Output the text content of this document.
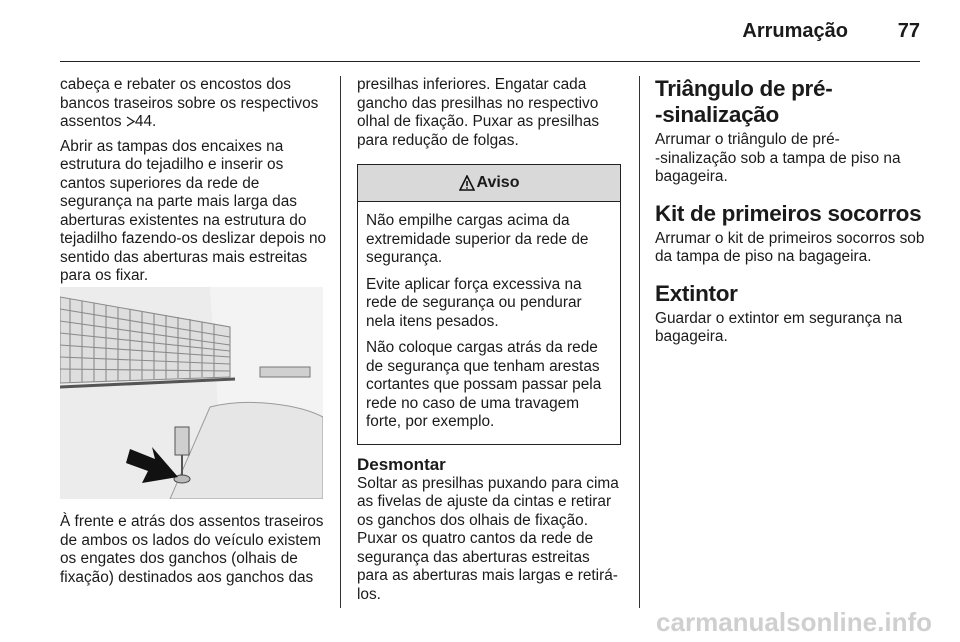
Arrumação 77

cabeça e rebater os encostos dos bancos traseiros sobre os respectivos assentos 44.

Abrir as tampas dos encaixes na estrutura do tejadilho e inserir os cantos superiores da rede de segurança na parte mais larga das aberturas existentes na estrutura do tejadilho fazendo-os deslizar depois no sentido das aberturas mais estreitas para os fixar.

À frente e atrás dos assentos traseiros de ambos os lados do veículo existem os engates dos ganchos (olhais de fixação) destinados aos ganchos das

presilhas inferiores. Engatar cada gancho das presilhas no respectivo olhal de fixação. Puxar as presilhas para redução de folgas.

Aviso

Não empilhe cargas acima da extremidade superior da rede de segurança.

Evite aplicar força excessiva na rede de segurança ou pendurar nela itens pesados.

Não coloque cargas atrás da rede de segurança que tenham arestas cortantes que possam passar pela rede no caso de uma travagem forte, por exemplo.

Desmontar

Soltar as presilhas puxando para cima as fivelas de ajuste da cintas e retirar os ganchos dos olhais de fixação. Puxar os quatro cantos da rede de segurança das aberturas estreitas para as aberturas mais largas e retirá-los.

Triângulo de pré-
-sinalização

Arrumar o triângulo de pré-
-sinalização sob a tampa de piso na bagageira.

Kit de primeiros socorros

Arrumar o kit de primeiros socorros sob da tampa de piso na bagageira.

Extintor

Guardar o extintor em segurança na bagageira.

carmanualsonline.info
